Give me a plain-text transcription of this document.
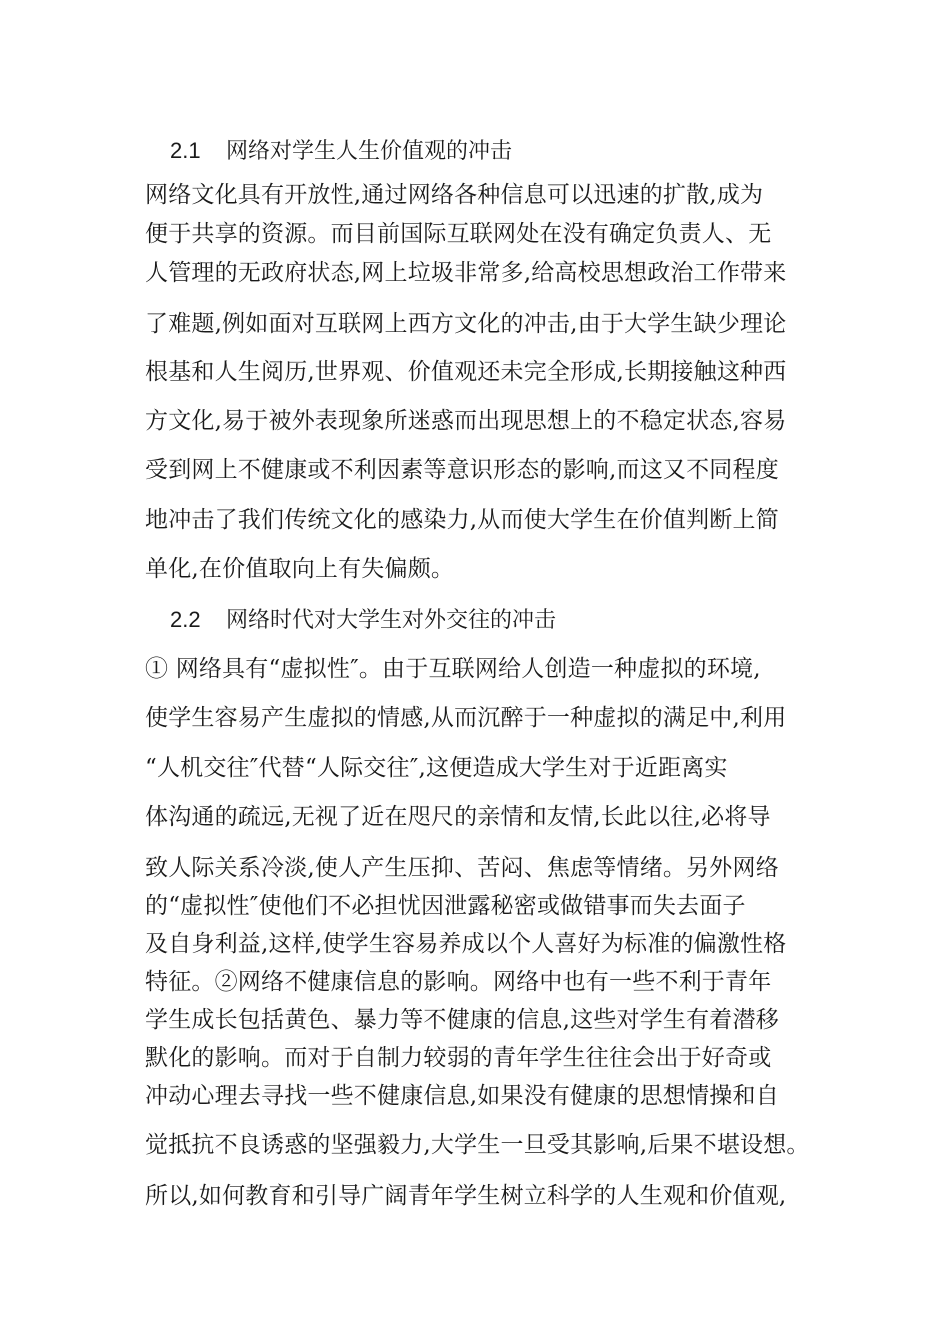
2.1 网络对学生人生价值观的冲击
网络文化具有开放性,通过网络各种信息可以迅速的扩散,成为
便于共享的资源。而目前国际互联网处在没有确定负责人、无
人管理的无政府状态,网上垃圾非常多,给高校思想政治工作带来
了难题,例如面对互联网上西方文化的冲击,由于大学生缺少理论
根基和人生阅历,世界观、价值观还未完全形成,长期接触这种西
方文化,易于被外表现象所迷惑而出现思想上的不稳定状态,容易
受到网上不健康或不利因素等意识形态的影响,而这又不同程度
地冲击了我们传统文化的感染力,从而使大学生在价值判断上简
单化,在价值取向上有失偏颇。
2.2 网络时代对大学生对外交往的冲击
① 网络具有“虚拟性″。由于互联网给人创造一种虚拟的环境,
使学生容易产生虚拟的情感,从而沉醉于一种虚拟的满足中,利用
“人机交往″代替“人际交往″,这便造成大学生对于近距离实
体沟通的疏远,无视了近在咫尺的亲情和友情,长此以往,必将导
致人际关系冷淡,使人产生压抑、苦闷、焦虑等情绪。另外网络
的“虚拟性″使他们不必担忧因泄露秘密或做错事而失去面子
及自身利益,这样,使学生容易养成以个人喜好为标准的偏激性格
特征。②网络不健康信息的影响。网络中也有一些不利于青年
学生成长包括黄色、暴力等不健康的信息,这些对学生有着潜移
默化的影响。而对于自制力较弱的青年学生往往会出于好奇或
冲动心理去寻找一些不健康信息,如果没有健康的思想情操和自
觉抵抗不良诱惑的坚强毅力,大学生一旦受其影响,后果不堪设想。
所以,如何教育和引导广阔青年学生树立科学的人生观和价值观,
